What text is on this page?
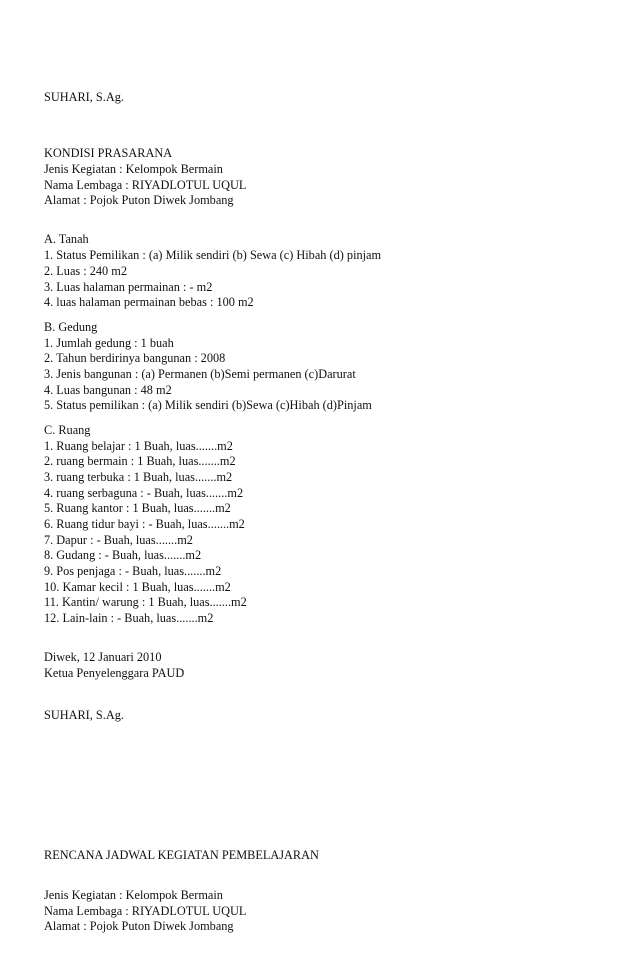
SUHARI, S.Ag.
KONDISI PRASARANA
Jenis Kegiatan : Kelompok Bermain
Nama Lembaga : RIYADLOTUL UQUL
Alamat : Pojok Puton Diwek Jombang
A. Tanah
1. Status Pemilikan : (a) Milik sendiri (b) Sewa (c) Hibah (d) pinjam
2. Luas : 240 m2
3. Luas halaman permainan : - m2
4. luas halaman permainan bebas : 100 m2
B. Gedung
1. Jumlah gedung : 1 buah
2. Tahun berdirinya bangunan : 2008
3. Jenis bangunan : (a) Permanen (b)Semi permanen (c)Darurat
4. Luas bangunan : 48 m2
5. Status pemilikan : (a) Milik sendiri (b)Sewa (c)Hibah (d)Pinjam
C. Ruang
1. Ruang belajar : 1 Buah, luas.......m2
2. ruang bermain : 1 Buah, luas.......m2
3. ruang terbuka : 1 Buah, luas.......m2
4. ruang serbaguna : - Buah, luas.......m2
5. Ruang kantor : 1 Buah, luas.......m2
6. Ruang tidur bayi : - Buah, luas.......m2
7. Dapur : - Buah, luas.......m2
8. Gudang : - Buah, luas.......m2
9. Pos penjaga : - Buah, luas.......m2
10. Kamar kecil : 1 Buah, luas.......m2
11. Kantin/ warung : 1 Buah, luas.......m2
12. Lain-lain : - Buah, luas.......m2
Diwek, 12 Januari 2010
Ketua Penyelenggara PAUD
SUHARI, S.Ag.
RENCANA JADWAL KEGIATAN PEMBELAJARAN
Jenis Kegiatan : Kelompok Bermain
Nama Lembaga : RIYADLOTUL UQUL
Alamat : Pojok Puton Diwek Jombang
